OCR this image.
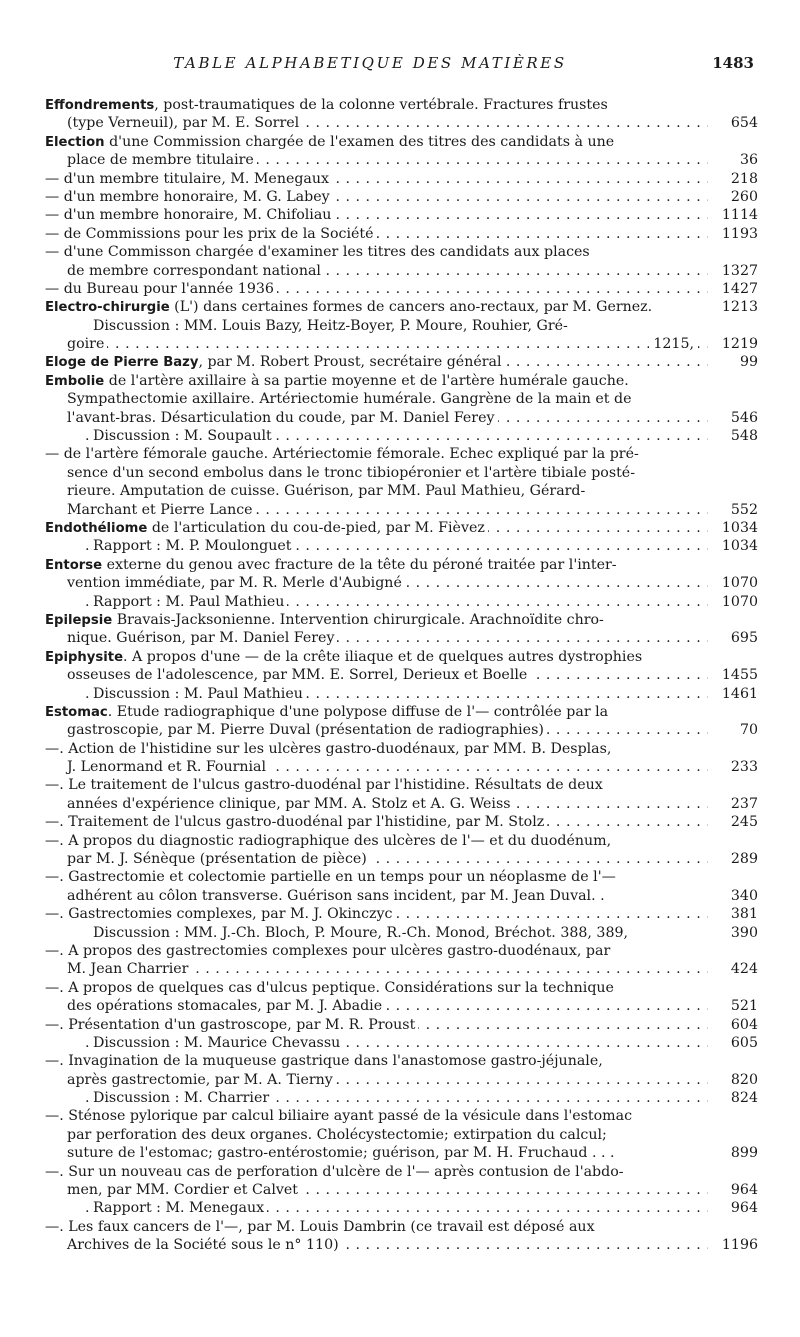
TABLE ALPHABETIQUE DES MATIÈRES	1483
Effondrements, post-traumatiques de la colonne vertébrale. Fractures frustes
. . . (type Verneuil), par M. E. Sorrel	654
Election d'une Commission chargée de l'examen des titres des candidats à une
. . . place de membre titulaire	36
. . . — d'un membre titulaire, M. Menegaux	218
. . . — d'un membre honoraire, M. G. Labey	260
. . . — d'un membre honoraire, M. Chifoliau	1114
. . . — de Commissions pour les prix de la Société	1193
— d'une Commisson chargée d'examiner les titres des candidats aux places
. . . de membre correspondant national	1327
. . . — du Bureau pour l'année 1936	1427
Electro-chirurgie (L') dans certaines formes de cancers ano-rectaux, par M. Gernez.	1213
Discussion : MM. Louis Bazy, Heitz-Boyer, P. Moure, Rouhier, Gré-
. . . goire	1215, 1219
. . . Eloge de Pierre Bazy, par M. Robert Proust, secrétaire général	99
Embolie de l'artère axillaire à sa partie moyenne et de l'artère humérale gauche.
Sympathectomie axillaire. Artériectomie humérale. Gangrène de la main et de
. . . l'avant-bras. Désarticulation du coude, par M. Daniel Ferey	546
. . . Discussion : M. Soupault	548
— de l'artère fémorale gauche. Artériectomie fémorale. Echec expliqué par la pré-
sence d'un second embolus dans le tronc tibiopéronier et l'artère tibiale posté-
rieure. Amputation de cuisse. Guérison, par MM. Paul Mathieu, Gérard-
. . . Marchant et Pierre Lance	552
. . . Endothéliome de l'articulation du cou-de-pied, par M. Fièvez	1034
. . . Rapport : M. P. Moulonguet	1034
Entorse externe du genou avec fracture de la tête du péroné traitée par l'inter-
. . . vention immédiate, par M. R. Merle d'Aubigné	1070
. . . Rapport : M. Paul Mathieu	1070
Epilepsie Bravais-Jacksonienne. Intervention chirurgicale. Arachnoïdite chro-
. . . nique. Guérison, par M. Daniel Ferey	695
Epiphysite. A propos d'une — de la crête iliaque et de quelques autres dystrophies
. . . osseuses de l'adolescence, par MM. E. Sorrel, Derieux et Boelle	1455
. . . Discussion : M. Paul Mathieu	1461
Estomac. Etude radiographique d'une polypose diffuse de l'— contrôlée par la
. . . gastroscopie, par M. Pierre Duval (présentation de radiographies)	70
—. Action de l'histidine sur les ulcères gastro-duodénaux, par MM. B. Desplas,
. . . J. Lenormand et R. Fournial	233
—. Le traitement de l'ulcus gastro-duodénal par l'histidine. Résultats de deux
. . . années d'expérience clinique, par MM. A. Stolz et A. G. Weiss	237
. . . —. Traitement de l'ulcus gastro-duodénal par l'histidine, par M. Stolz	245
—. A propos du diagnostic radiographique des ulcères de l'— et du duodénum,
. . . par M. J. Sénèque (présentation de pièce)	289
—. Gastrectomie et colectomie partielle en un temps pour un néoplasme de l'—
adhérent au côlon transverse. Guérison sans incident, par M. Jean Duval. .	340
. . . —. Gastrectomies complexes, par M. J. Okinczyc	381
Discussion : MM. J.-Ch. Bloch, P. Moure, R.-Ch. Monod, Bréchot. 388, 389,	390
—. A propos des gastrectomies complexes pour ulcères gastro-duodénaux, par
. . . M. Jean Charrier	424
—. A propos de quelques cas d'ulcus peptique. Considérations sur la technique
. . . des opérations stomacales, par M. J. Abadie	521
. . . —. Présentation d'un gastroscope, par M. R. Proust	604
. . . Discussion : M. Maurice Chevassu	605
—. Invagination de la muqueuse gastrique dans l'anastomose gastro-jéjunale,
. . . après gastrectomie, par M. A. Tierny	820
. . . Discussion : M. Charrier	824
—. Sténose pylorique par calcul biliaire ayant passé de la vésicule dans l'estomac
par perforation des deux organes. Cholécystectomie; extirpation du calcul;
suture de l'estomac; gastro-entérostomie; guérison, par M. H. Fruchaud . . .	899
—. Sur un nouveau cas de perforation d'ulcère de l'— après contusion de l'abdo-
. . . men, par MM. Cordier et Calvet	964
. . . Rapport : M. Menegaux	964
—. Les faux cancers de l'—, par M. Louis Dambrin (ce travail est déposé aux
. . . Archives de la Société sous le n° 110)	1196
